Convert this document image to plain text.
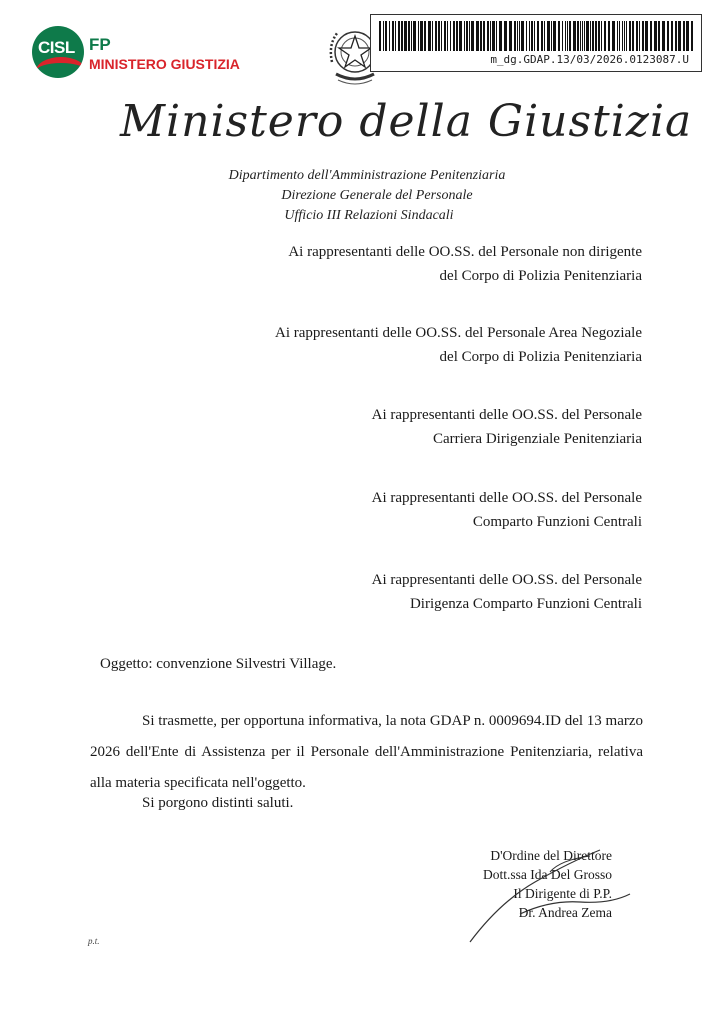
CISL FP
MINISTERO GIUSTIZIA	m_dg.GDAP.13/03/2026.0123087.U
Ministero della Giustizia
Dipartimento dell'Amministrazione Penitenziaria
Direzione Generale del Personale
Ufficio III Relazioni Sindacali
Ai rappresentanti delle OO.SS. del Personale non dirigente
del Corpo di Polizia Penitenziaria
Ai rappresentanti delle OO.SS. del Personale Area Negoziale
del Corpo di Polizia Penitenziaria
Ai rappresentanti delle OO.SS. del Personale
Carriera Dirigenziale Penitenziaria
Ai rappresentanti delle OO.SS. del Personale
Comparto Funzioni Centrali
Ai rappresentanti delle OO.SS. del Personale
Dirigenza Comparto Funzioni Centrali
Oggetto: convenzione Silvestri Village.
Si trasmette, per opportuna informativa, la nota GDAP n. 0009694.ID del 13 marzo 2026 dell'Ente di Assistenza per il Personale dell'Amministrazione Penitenziaria, relativa alla materia specificata nell'oggetto.
Si porgono distinti saluti.
D'Ordine del Direttore
Dott.ssa Ida Del Grosso
Il Dirigente di P.P.
Dr. Andrea Zema
p.t.
